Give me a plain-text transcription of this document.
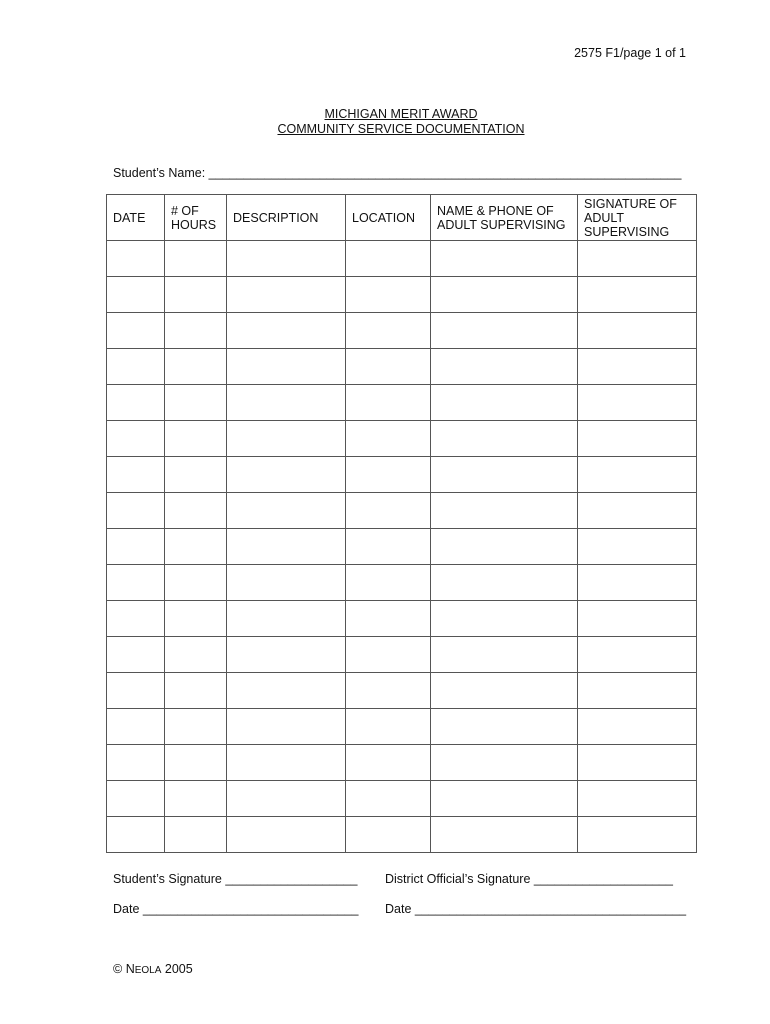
2575 F1/page 1 of 1
MICHIGAN MERIT AWARD
COMMUNITY SERVICE DOCUMENTATION
Student’s Name: ____________________________________________________________________
DATE	# OF HOURS	DESCRIPTION	LOCATION	NAME & PHONE OF ADULT SUPERVISING	SIGNATURE OF ADULT SUPERVISING

Student’s Signature ___________________ District Official’s Signature ____________________
Date _______________________________ Date _______________________________________
© NEOLA 2005
